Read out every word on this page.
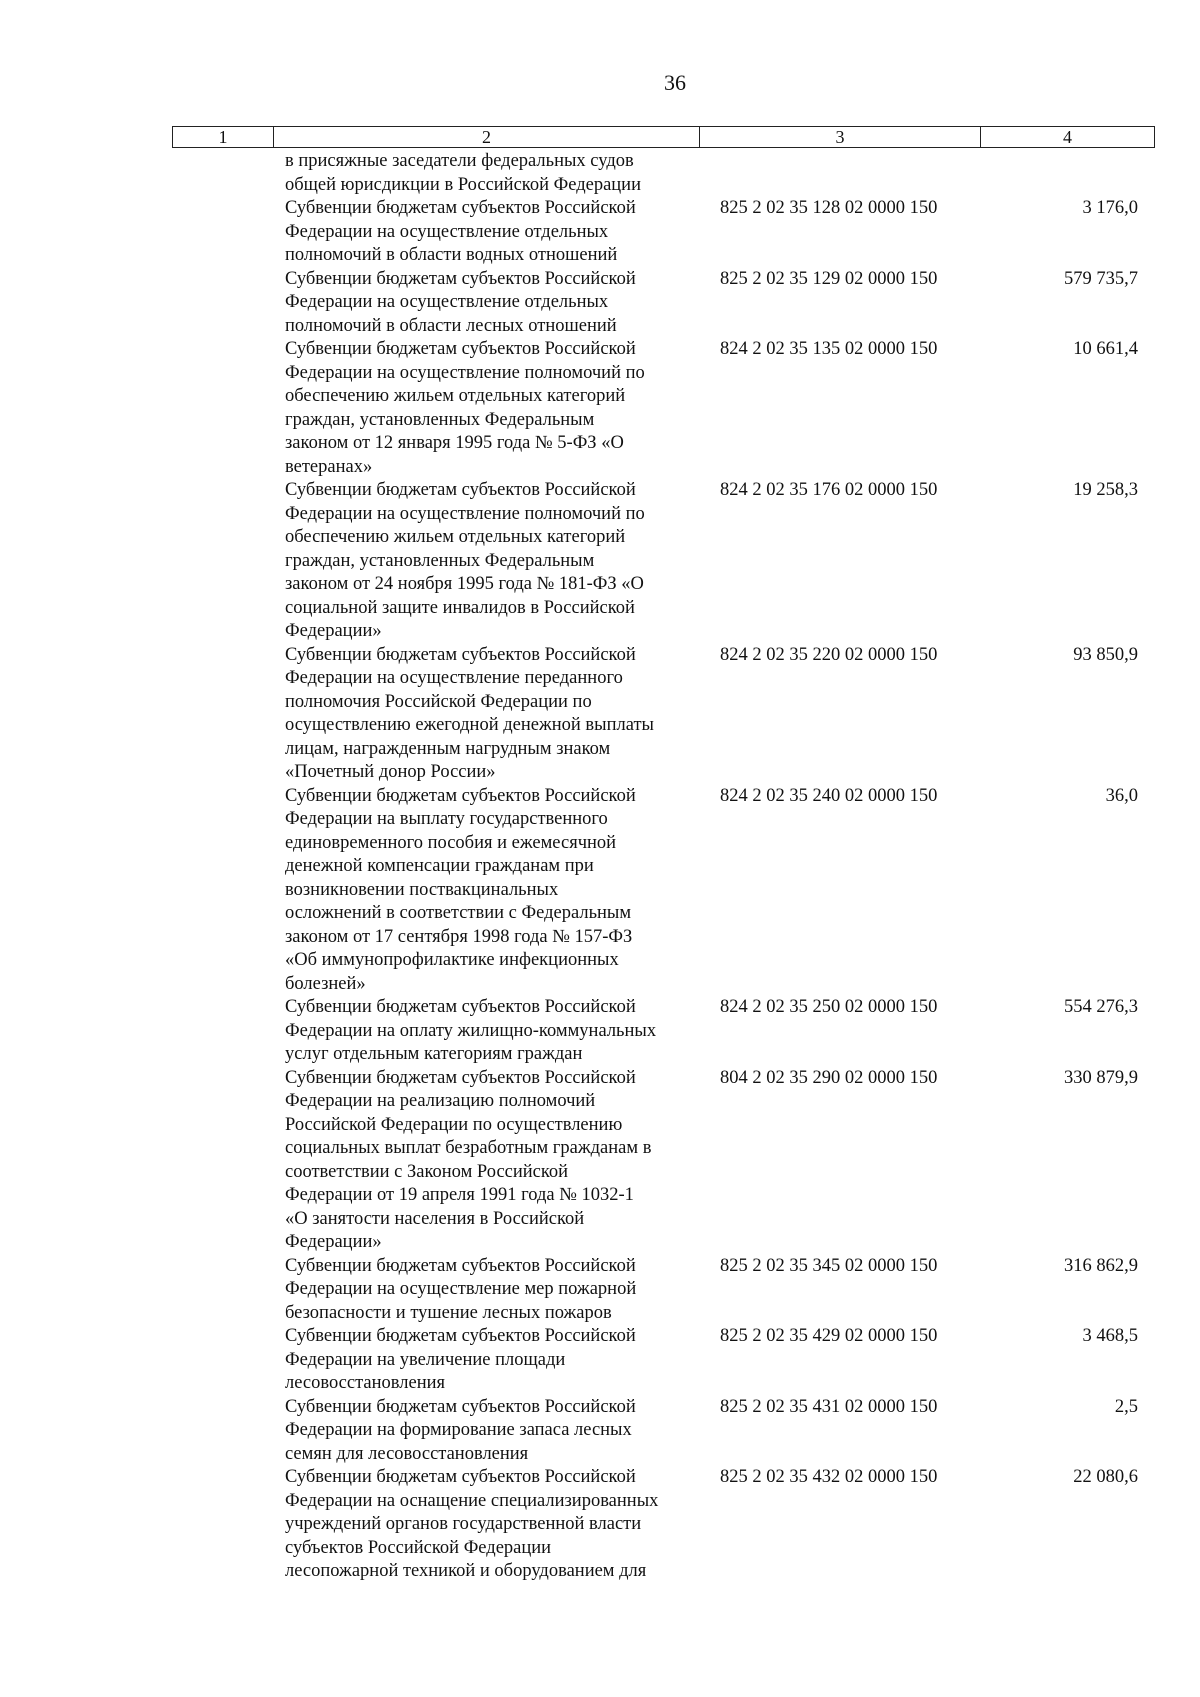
36
1	2	3	4
в присяжные заседатели федеральных судов
общей юрисдикции в Российской Федерации
Субвенции бюджетам субъектов Российской
Федерации на осуществление отдельных
полномочий в области водных отношений
825 2 02 35 128 02 0000 150	3 176,0
Субвенции бюджетам субъектов Российской
Федерации на осуществление отдельных
полномочий в области лесных отношений
825 2 02 35 129 02 0000 150	579 735,7
Субвенции бюджетам субъектов Российской
Федерации на осуществление полномочий по
обеспечению жильем отдельных категорий
граждан, установленных Федеральным
законом от 12 января 1995 года № 5-ФЗ «О
ветеранах»
824 2 02 35 135 02 0000 150	10 661,4
Субвенции бюджетам субъектов Российской
Федерации на осуществление полномочий по
обеспечению жильем отдельных категорий
граждан, установленных Федеральным
законом от 24 ноября 1995 года № 181-ФЗ «О
социальной защите инвалидов в Российской
Федерации»
824 2 02 35 176 02 0000 150	19 258,3
Субвенции бюджетам субъектов Российской
Федерации на осуществление переданного
полномочия Российской Федерации по
осуществлению ежегодной денежной выплаты
лицам, награжденным нагрудным знаком
«Почетный донор России»
824 2 02 35 220 02 0000 150	93 850,9
Субвенции бюджетам субъектов Российской
Федерации на выплату государственного
единовременного пособия и ежемесячной
денежной компенсации гражданам при
возникновении поствакцинальных
осложнений в соответствии с Федеральным
законом от 17 сентября 1998 года № 157-ФЗ
«Об иммунопрофилактике инфекционных
болезней»
824 2 02 35 240 02 0000 150	36,0
Субвенции бюджетам субъектов Российской
Федерации на оплату жилищно-коммунальных
услуг отдельным категориям граждан
824 2 02 35 250 02 0000 150	554 276,3
Субвенции бюджетам субъектов Российской
Федерации на реализацию полномочий
Российской Федерации по осуществлению
социальных выплат безработным гражданам в
соответствии с Законом Российской
Федерации от 19 апреля 1991 года № 1032-1
«О занятости населения в Российской
Федерации»
804 2 02 35 290 02 0000 150	330 879,9
Субвенции бюджетам субъектов Российской
Федерации на осуществление мер пожарной
безопасности и тушение лесных пожаров
825 2 02 35 345 02 0000 150	316 862,9
Субвенции бюджетам субъектов Российской
Федерации на увеличение площади
лесовосстановления
825 2 02 35 429 02 0000 150	3 468,5
Субвенции бюджетам субъектов Российской
Федерации на формирование запаса лесных
семян для лесовосстановления
825 2 02 35 431 02 0000 150	2,5
Субвенции бюджетам субъектов Российской
Федерации на оснащение специализированных
учреждений органов государственной власти
субъектов Российской Федерации
лесопожарной техникой и оборудованием для
825 2 02 35 432 02 0000 150	22 080,6
